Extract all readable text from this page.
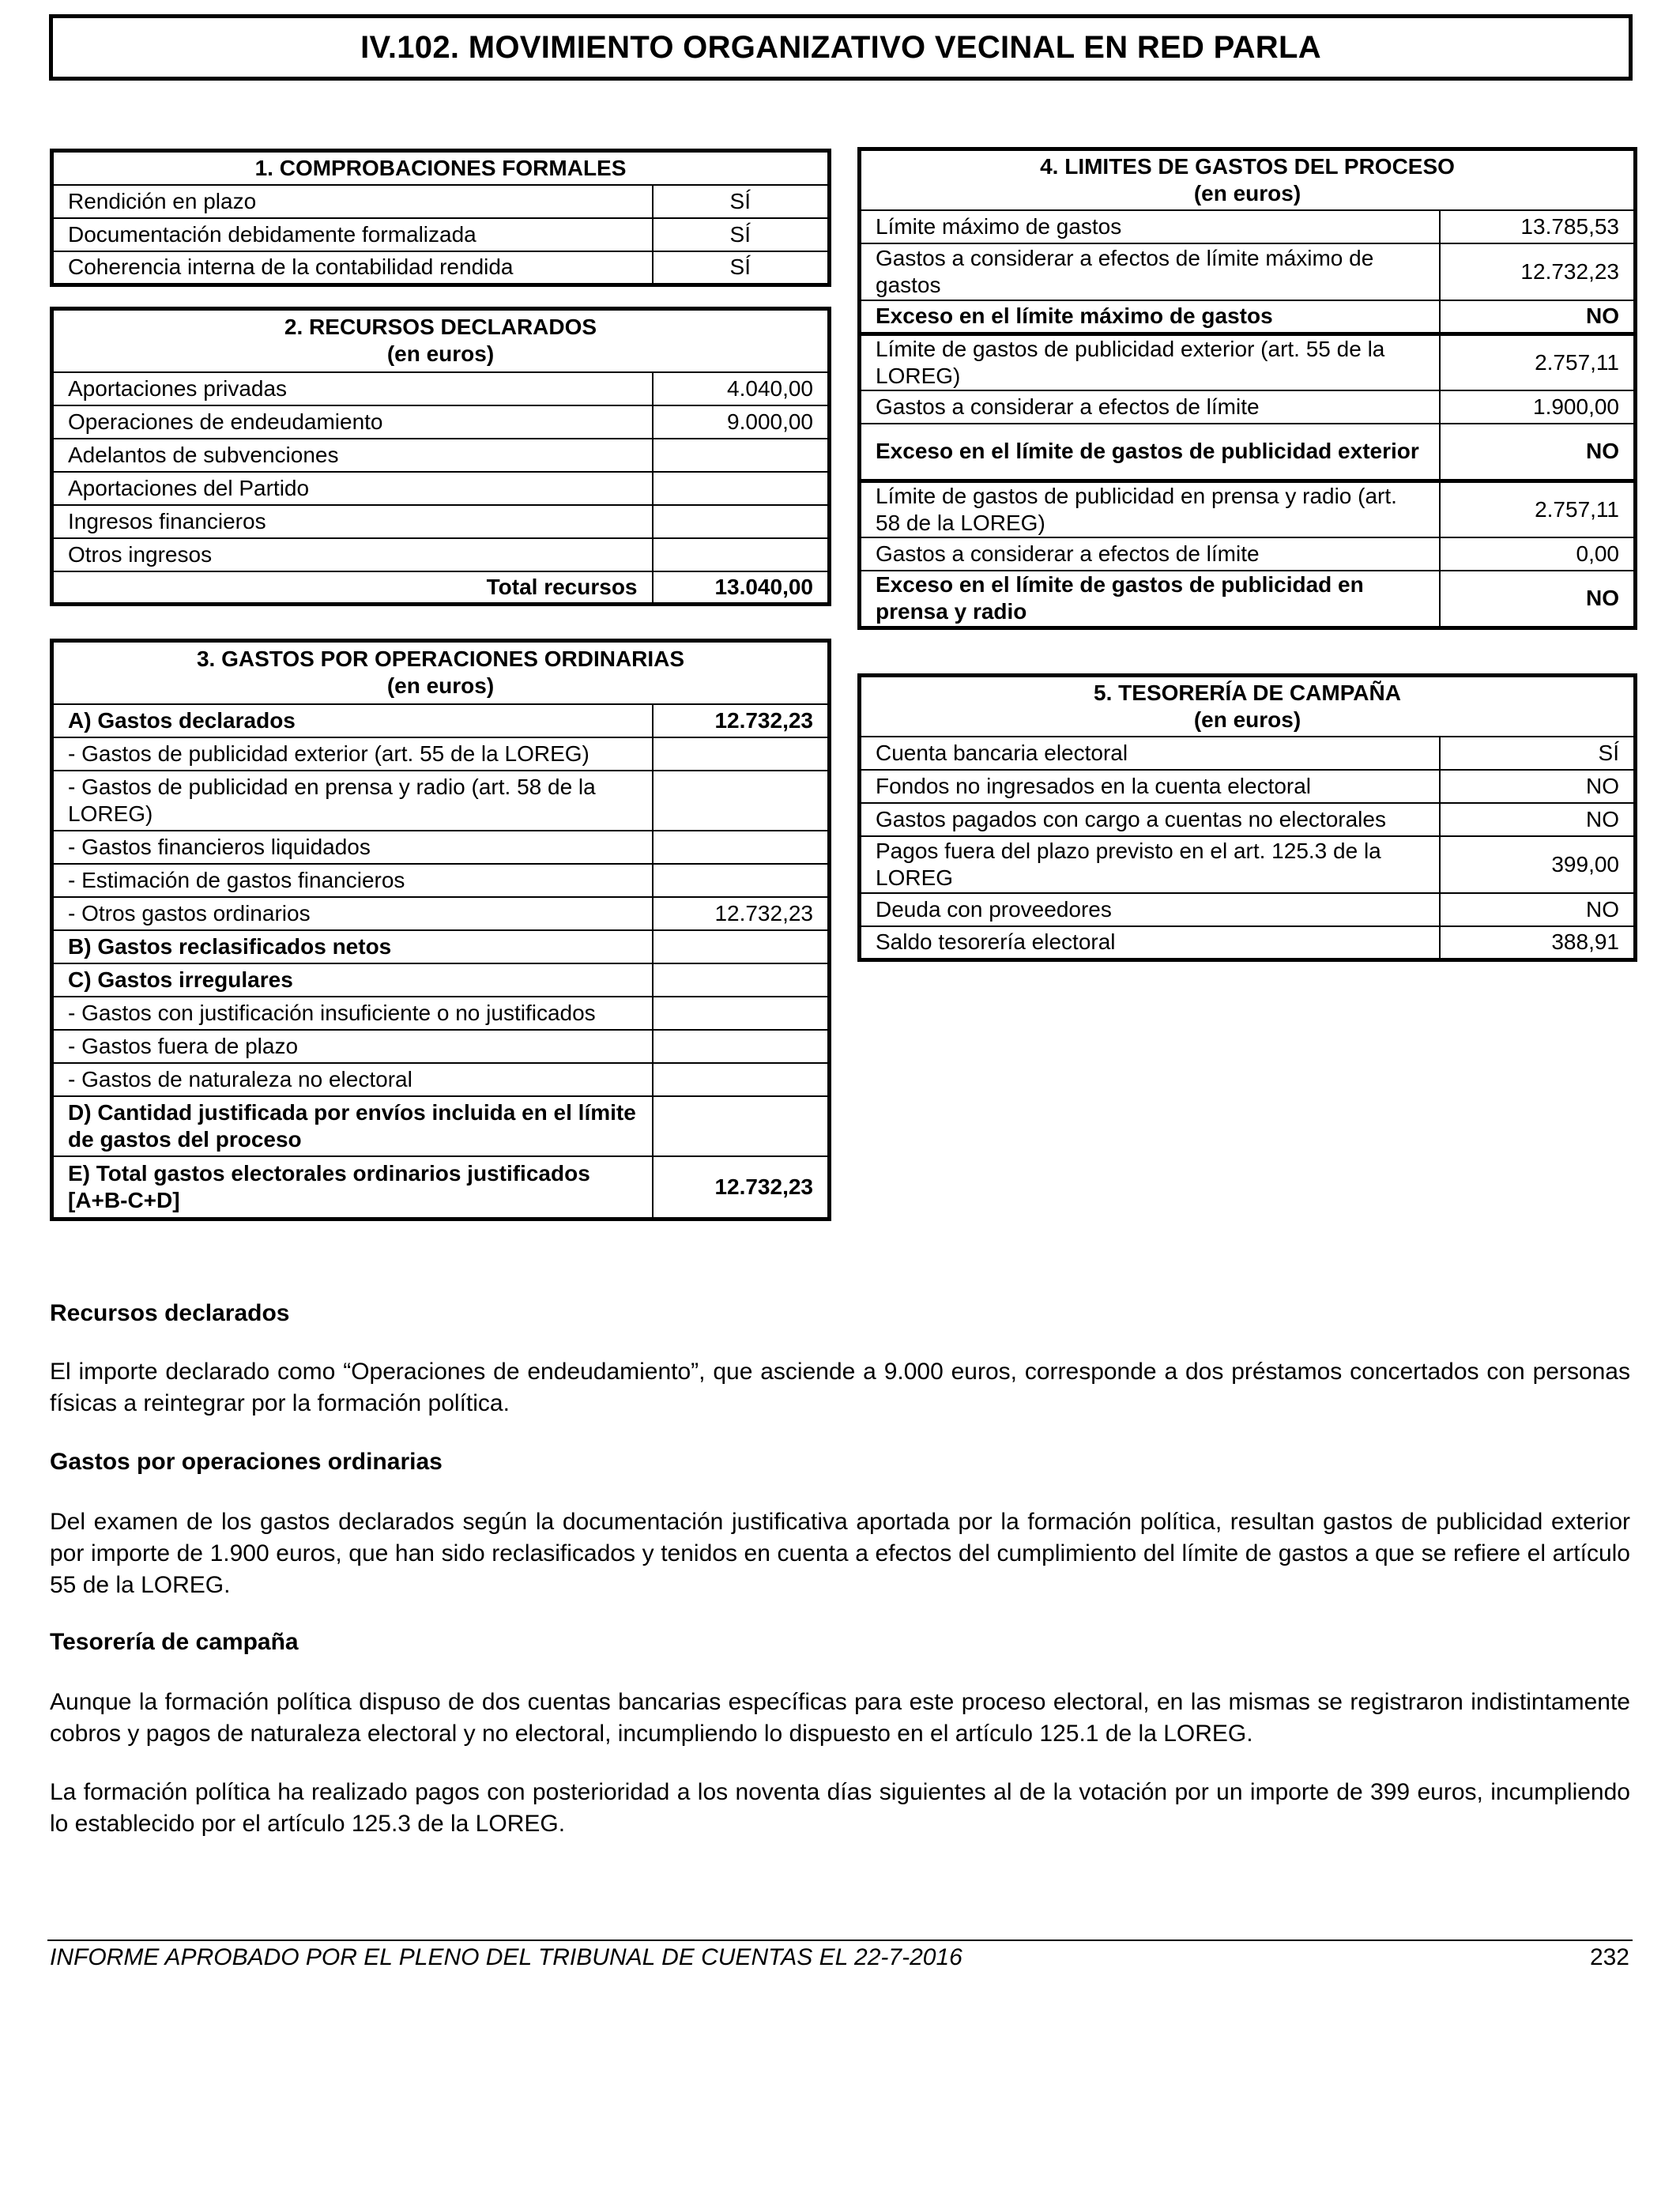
IV.102. MOVIMIENTO ORGANIZATIVO VECINAL EN RED PARLA
1. COMPROBACIONES FORMALES	
Rendición en plazo	SÍ
Documentación debidamente formalizada	SÍ
Coherencia interna de la contabilidad rendida	SÍ
2. RECURSOS DECLARADOS
(en euros)	

Aportaciones privadas	4.040,00
Operaciones de endeudamiento	9.000,00
Adelantos de subvenciones	
Aportaciones del Partido	
Ingresos financieros	
Otros ingresos	
Total recursos	13.040,00
3. GASTOS POR OPERACIONES ORDINARIAS
(en euros)	

A) Gastos declarados	12.732,23
- Gastos de publicidad exterior (art. 55 de la LOREG)	
- Gastos de publicidad en prensa y radio (art. 58 de la LOREG)	
- Gastos financieros liquidados	
- Estimación de gastos financieros	
- Otros gastos ordinarios	12.732,23
B) Gastos reclasificados netos	
C) Gastos irregulares	
- Gastos con justificación insuficiente o no justificados	
- Gastos fuera de plazo	
- Gastos de naturaleza no electoral	
D) Cantidad justificada por envíos incluida en el límite de gastos del proceso	
E) Total gastos electorales ordinarios justificados [A+B-C+D]	12.732,23
4. LIMITES DE GASTOS DEL PROCESO
(en euros)	

Límite máximo de gastos	13.785,53
Gastos a considerar a efectos de límite máximo de gastos	12.732,23
Exceso en el límite máximo de gastos	NO
Límite de gastos de publicidad exterior (art. 55 de la LOREG)	2.757,11
Gastos a considerar a efectos de límite	1.900,00
Exceso en el límite de gastos de publicidad exterior	NO
Límite de gastos de publicidad en prensa y radio (art. 58 de la LOREG)	2.757,11
Gastos a considerar a efectos de límite	0,00
Exceso en el límite de gastos de publicidad en prensa y radio	NO
5. TESORERÍA DE CAMPAÑA
(en euros)	

Cuenta bancaria electoral	SÍ
Fondos no ingresados en la cuenta electoral	NO
Gastos pagados con cargo a cuentas no electorales	NO
Pagos fuera del plazo previsto en el art. 125.3 de la LOREG	399,00
Deuda con proveedores	NO
Saldo tesorería electoral	388,91
Recursos declarados

El importe declarado como “Operaciones de endeudamiento”, que asciende a 9.000 euros, corresponde a dos préstamos concertados con personas físicas a reintegrar por la formación política.

Gastos por operaciones ordinarias

Del examen de los gastos declarados según la documentación justificativa aportada por la formación política, resultan gastos de publicidad exterior por importe de 1.900 euros, que han sido reclasificados y tenidos en cuenta a efectos del cumplimiento del límite de gastos a que se refiere el artículo 55 de la LOREG.

Tesorería de campaña

Aunque la formación política dispuso de dos cuentas bancarias específicas para este proceso electoral, en las mismas se registraron indistintamente cobros y pagos de naturaleza electoral y no electoral, incumpliendo lo dispuesto en el artículo 125.1 de la LOREG.

La formación política ha realizado pagos con posterioridad a los noventa días siguientes al de la votación por un importe de 399 euros, incumpliendo lo establecido por el artículo 125.3 de la LOREG.

INFORME APROBADO POR EL PLENO DEL TRIBUNAL DE CUENTAS EL 22-7-2016	232
